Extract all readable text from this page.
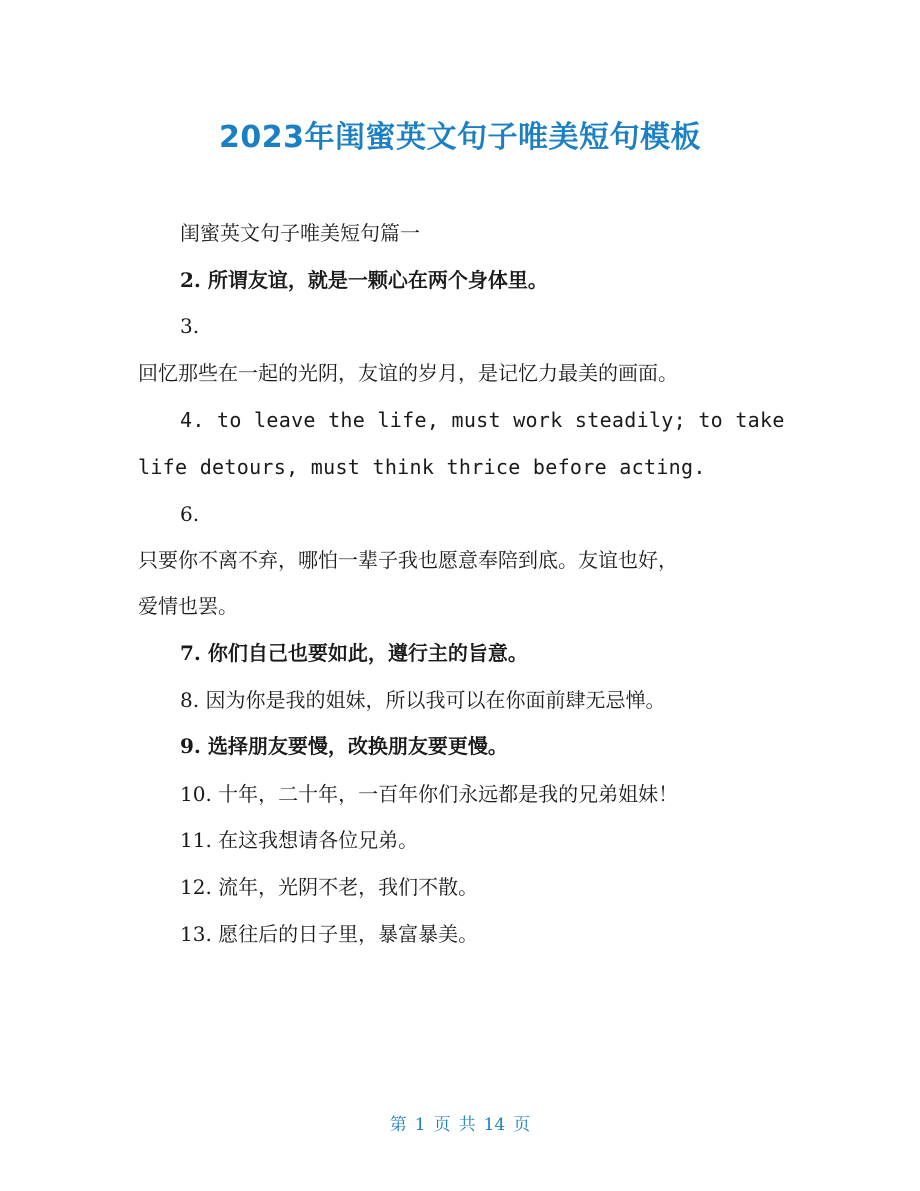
2023年闺蜜英文句子唯美短句模板
闺蜜英文句子唯美短句篇一
2. 所谓友谊，就是一颗心在两个身体里。
3.
回忆那些在一起的光阴，友谊的岁月，是记忆力最美的画面。
4. to leave the life, must work steadily; to take
life detours, must think thrice before acting.
6.
只要你不离不弃，哪怕一辈子我也愿意奉陪到底。友谊也好，
爱情也罢。
7. 你们自己也要如此，遵行主的旨意。
8. 因为你是我的姐妹，所以我可以在你面前肆无忌惮。
9. 选择朋友要慢，改换朋友要更慢。
10. 十年，二十年，一百年你们永远都是我的兄弟姐妹！
11. 在这我想请各位兄弟。
12. 流年，光阴不老，我们不散。
13. 愿往后的日子里，暴富暴美。
第 1 页 共 14 页
